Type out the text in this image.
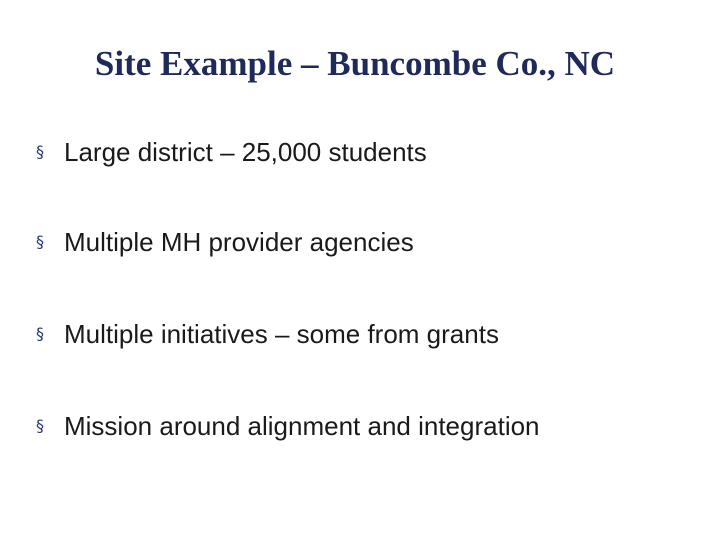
Site Example – Buncombe Co., NC
§ Large district – 25,000 students
§ Multiple MH provider agencies
§ Multiple initiatives – some from grants
§ Mission around alignment and integration
